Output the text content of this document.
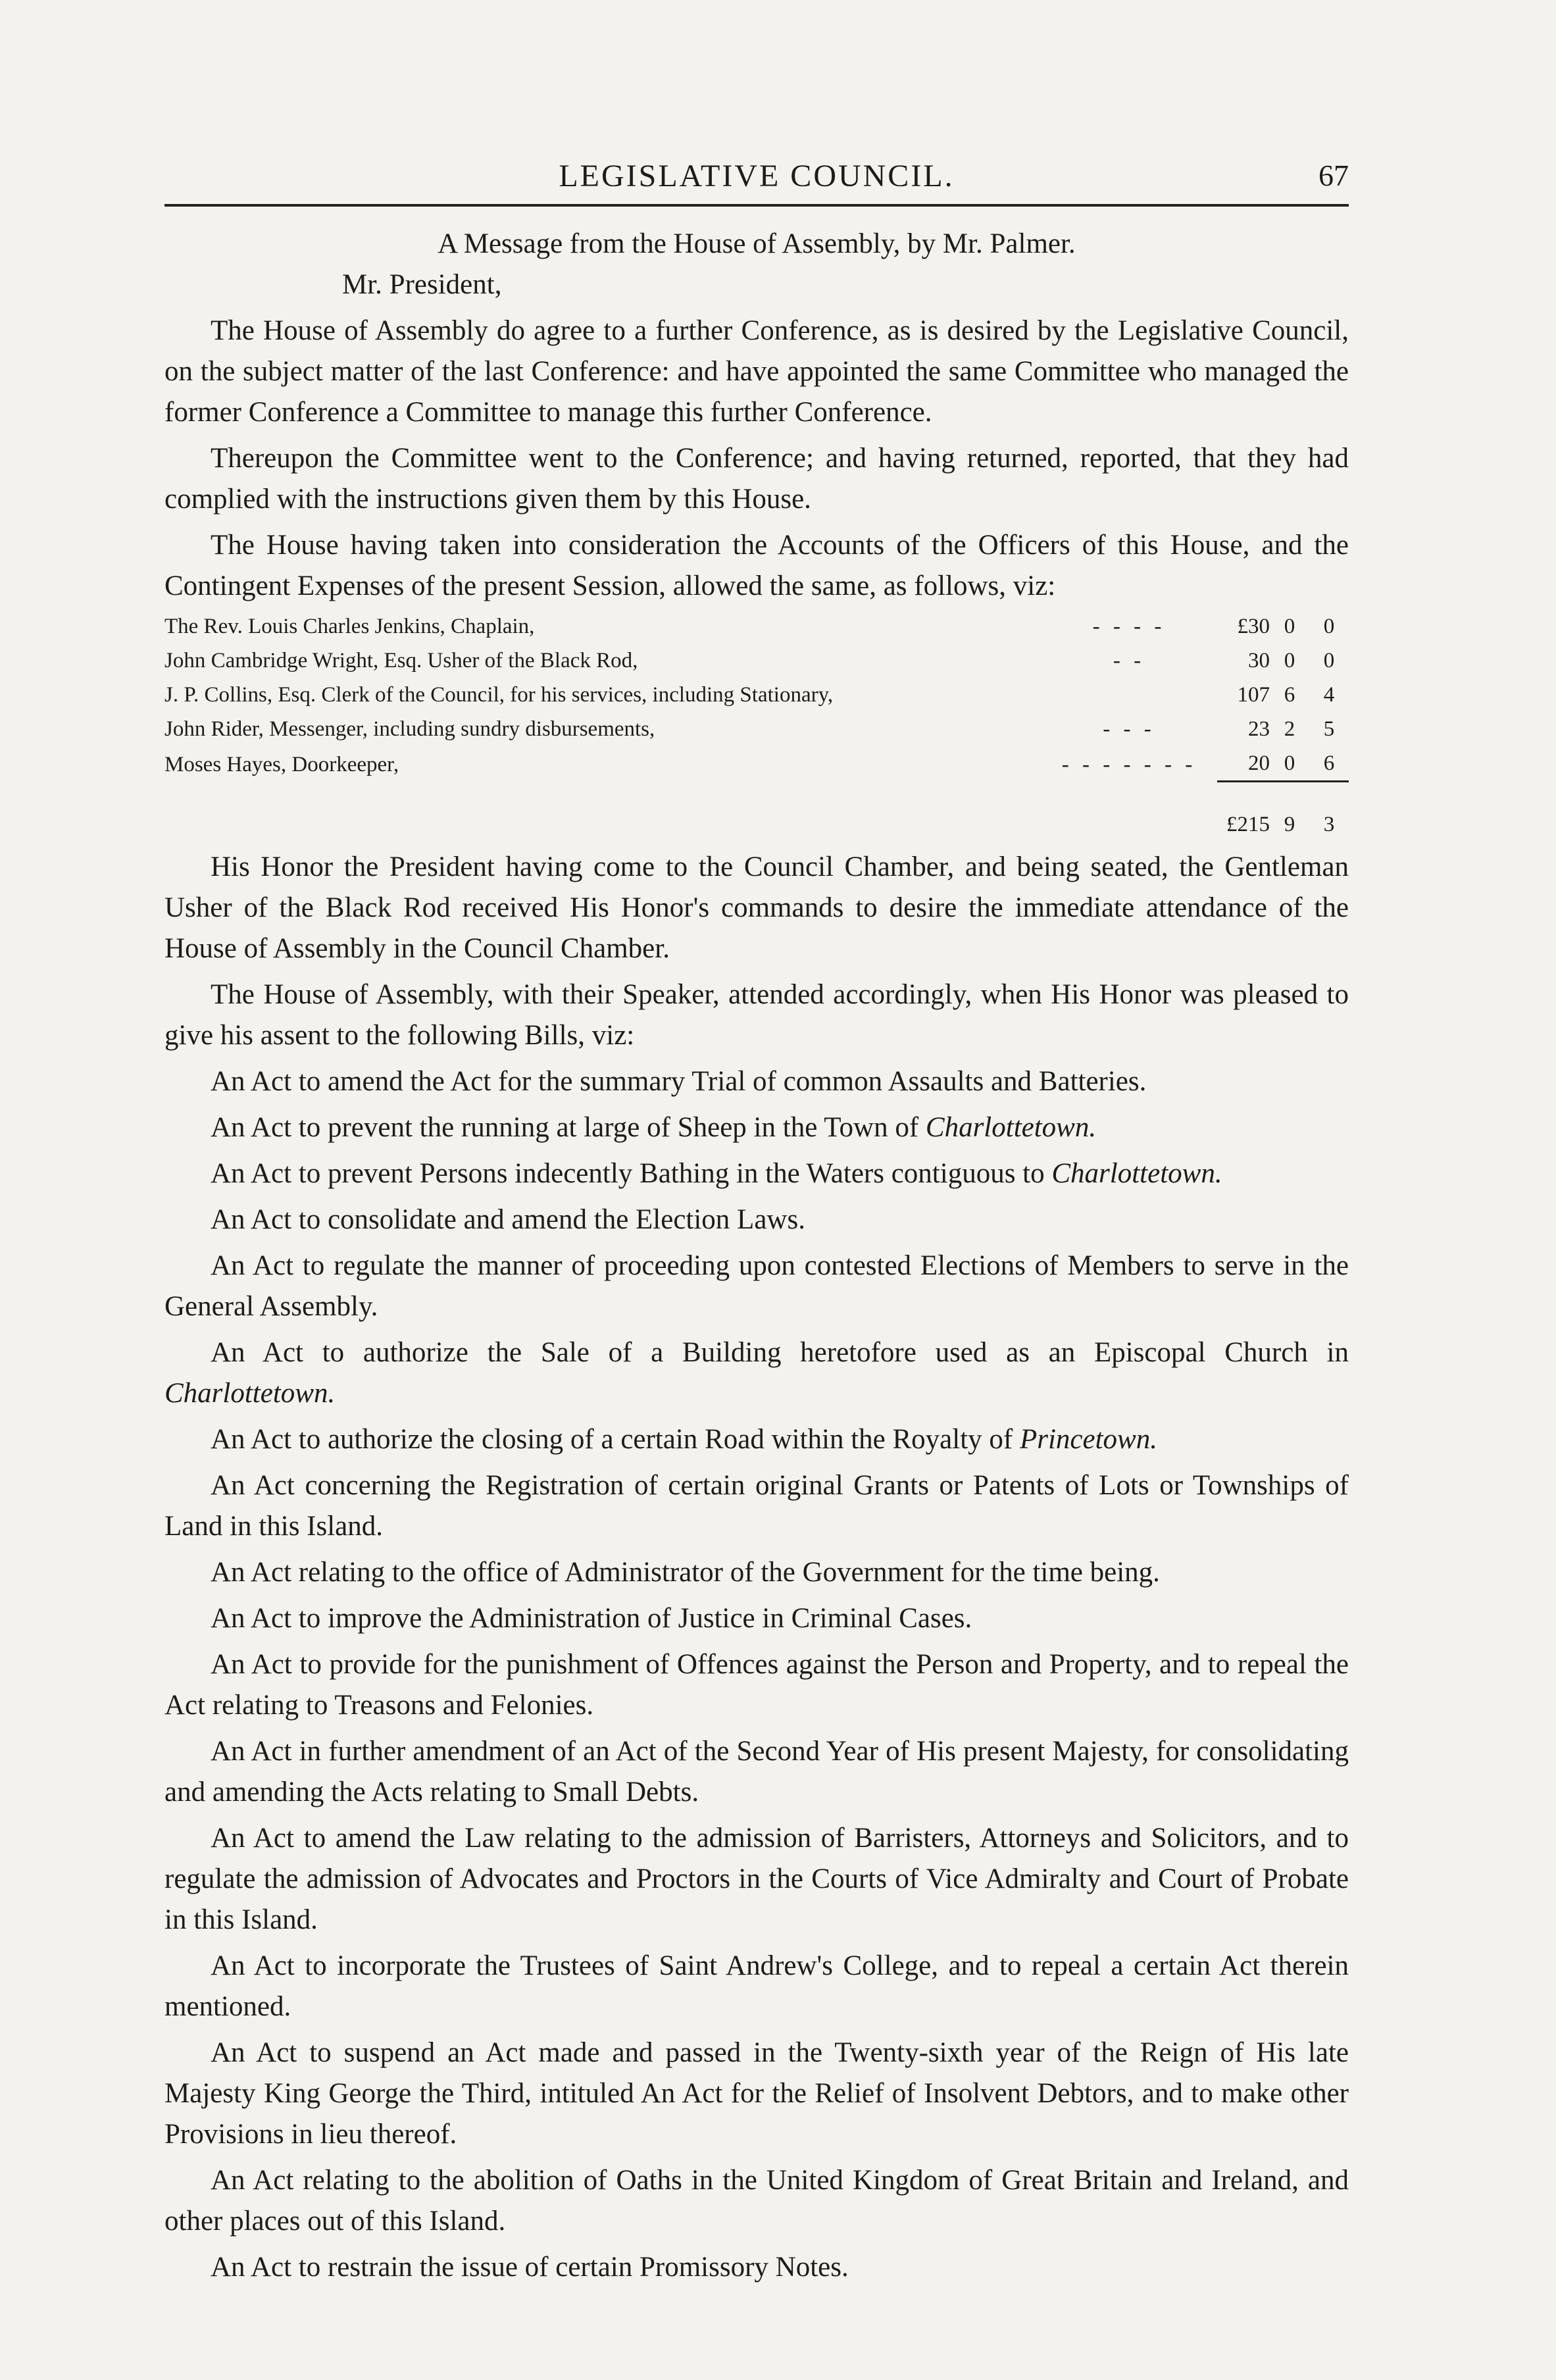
LEGISLATIVE COUNCIL.	67

A Message from the House of Assembly, by Mr. Palmer.

Mr. President,

The House of Assembly do agree to a further Conference, as is desired by the Legislative Council, on the subject matter of the last Conference: and have appointed the same Committee who managed the former Conference a Committee to manage this further Conference.

Thereupon the Committee went to the Conference; and having returned, reported, that they had complied with the instructions given them by this House.

The House having taken into consideration the Accounts of the Officers of this House, and the Contingent Expenses of the present Session, allowed the same, as follows, viz:

The Rev. Louis Charles Jenkins, Chaplain,	- - - -	£30	0	0
John Cambridge Wright, Esq. Usher of the Black Rod,	- -	30	0	0
J. P. Collins, Esq. Clerk of the Council, for his services, including Stationary,		107	6	4
John Rider, Messenger, including sundry disbursements,	- - -	23	2	5
Moses Hayes, Doorkeeper,	- - - - - - -	20	0	6
		£215	9	3

His Honor the President having come to the Council Chamber, and being seated, the Gentleman Usher of the Black Rod received His Honor's commands to desire the immediate attendance of the House of Assembly in the Council Chamber.

The House of Assembly, with their Speaker, attended accordingly, when His Honor was pleased to give his assent to the following Bills, viz:

An Act to amend the Act for the summary Trial of common Assaults and Batteries.

An Act to prevent the running at large of Sheep in the Town of Charlottetown.

An Act to prevent Persons indecently Bathing in the Waters contiguous to Charlottetown.

An Act to consolidate and amend the Election Laws.

An Act to regulate the manner of proceeding upon contested Elections of Members to serve in the General Assembly.

An Act to authorize the Sale of a Building heretofore used as an Episcopal Church in Charlottetown.

An Act to authorize the closing of a certain Road within the Royalty of Princetown.

An Act concerning the Registration of certain original Grants or Patents of Lots or Townships of Land in this Island.

An Act relating to the office of Administrator of the Government for the time being.

An Act to improve the Administration of Justice in Criminal Cases.

An Act to provide for the punishment of Offences against the Person and Property, and to repeal the Act relating to Treasons and Felonies.

An Act in further amendment of an Act of the Second Year of His present Majesty, for consolidating and amending the Acts relating to Small Debts.

An Act to amend the Law relating to the admission of Barristers, Attorneys and Solicitors, and to regulate the admission of Advocates and Proctors in the Courts of Vice Admiralty and Court of Probate in this Island.

An Act to incorporate the Trustees of Saint Andrew's College, and to repeal a certain Act therein mentioned.

An Act to suspend an Act made and passed in the Twenty-sixth year of the Reign of His late Majesty King George the Third, intituled An Act for the Relief of Insolvent Debtors, and to make other Provisions in lieu thereof.

An Act relating to the abolition of Oaths in the United Kingdom of Great Britain and Ireland, and other places out of this Island.

An Act to restrain the issue of certain Promissory Notes.
